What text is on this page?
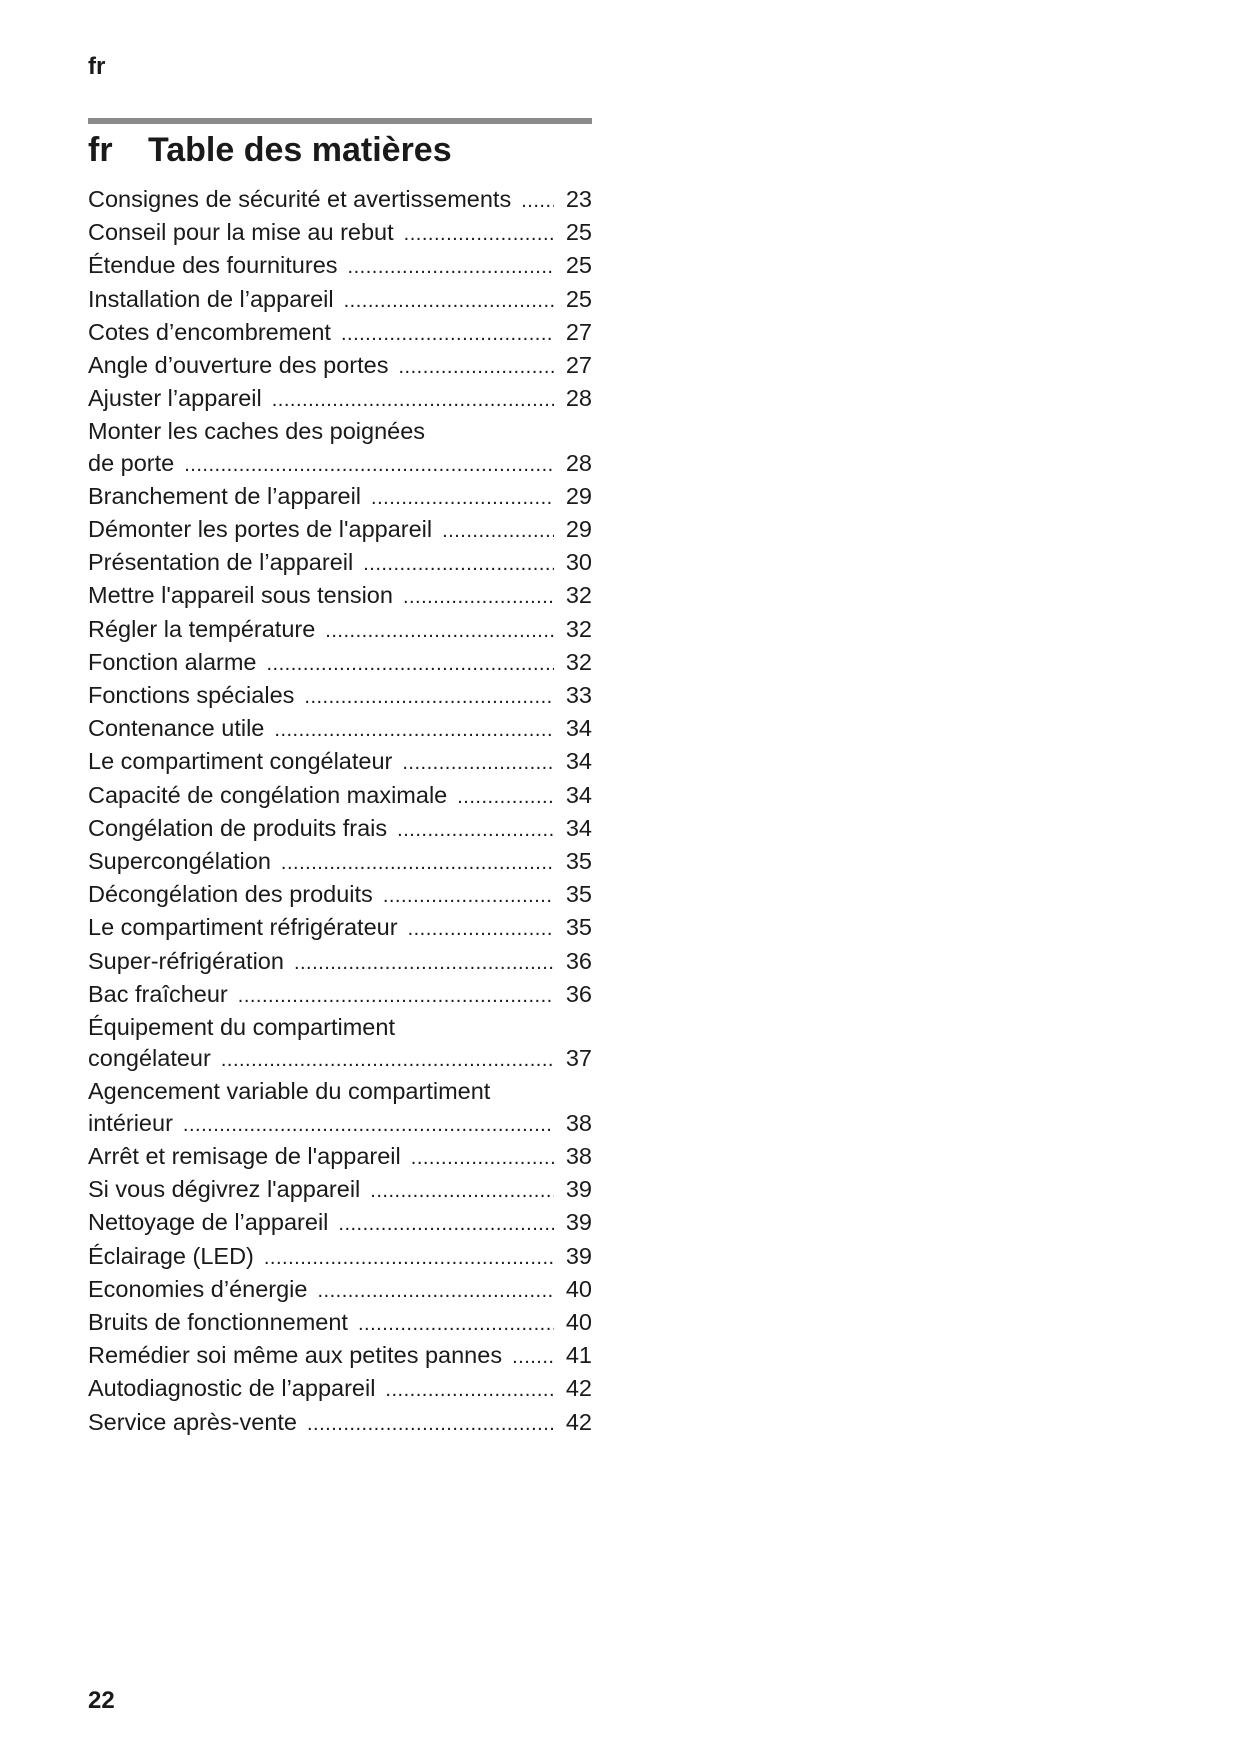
fr
fr Table des matières
Consignes de sécurité et avertissements ..... 23
Conseil pour la mise au rebut .....	25
Étendue des fournitures .....	25
Installation de l’appareil .....	25
Cotes d’encombrement .....	27
Angle d’ouverture des portes .....	27
Ajuster l’appareil .....	28
Monter les caches des poignées
de porte .....	28
Branchement de l’appareil .....	29
Démonter les portes de l'appareil .....	29
Présentation de l’appareil .....	30
Mettre l'appareil sous tension .....	32
Régler la température .....	32
Fonction alarme .....	32
Fonctions spéciales .....	33
Contenance utile .....	34
Le compartiment congélateur .....	34
Capacité de congélation maximale .....	34
Congélation de produits frais .....	34
Supercongélation .....	35
Décongélation des produits .....	35
Le compartiment réfrigérateur .....	35
Super-réfrigération .....	36
Bac fraîcheur .....	36
Équipement du compartiment
congélateur .....	37
Agencement variable du compartiment
intérieur .....	38
Arrêt et remisage de l'appareil .....	38
Si vous dégivrez l'appareil .....	39
Nettoyage de l’appareil .....	39
Éclairage (LED) .....	39
Economies d’énergie .....	40
Bruits de fonctionnement .....	40
Remédier soi même aux petites pannes .....	41
Autodiagnostic de l’appareil .....	42
Service après-vente .....	42
22
